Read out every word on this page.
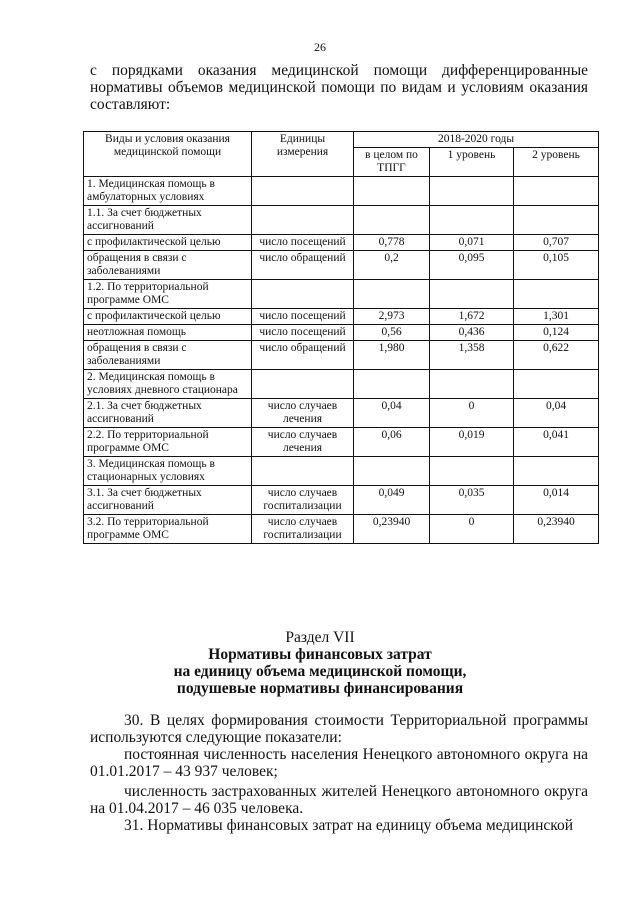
26
с порядками оказания медицинской помощи дифференцированные нормативы объемов медицинской помощи по видам и условиям оказания составляют:
Виды и условия оказания медицинской помощи	Единицы измерения	2018-2020 годы		
		в целом по ТПГГ	1 уровень	2 уровень
1. Медицинская помощь в амбулаторных условиях				
1.1. За счет бюджетных ассигнований				
с профилактической целью	число посещений	0,778	0,071	0,707
обращения в связи с заболеваниями	число обращений	0,2	0,095	0,105
1.2. По территориальной программе ОМС				
с профилактической целью	число посещений	2,973	1,672	1,301
неотложная помощь	число посещений	0,56	0,436	0,124
обращения в связи с заболеваниями	число обращений	1,980	1,358	0,622
2. Медицинская помощь в условиях дневного стационара				
2.1. За счет бюджетных ассигнований	число случаев лечения	0,04	0	0,04
2.2. По территориальной программе ОМС	число случаев лечения	0,06	0,019	0,041
3. Медицинская помощь в стационарных условиях				
3.1. За счет бюджетных ассигнований	число случаев госпитализации	0,049	0,035	0,014
3.2. По территориальной программе ОМС	число случаев госпитализации	0,23940	0	0,23940
Раздел VII
Нормативы финансовых затрат
на единицу объема медицинской помощи,
подушевые нормативы финансирования

30. В целях формирования стоимости Территориальной программы используются следующие показатели:

постоянная численность населения Ненецкого автономного округа на 01.01.2017 – 43 937 человек;

численность застрахованных жителей Ненецкого автономного округа на 01.04.2017 – 46 035 человека.

31. Нормативы финансовых затрат на единицу объема медицинской
